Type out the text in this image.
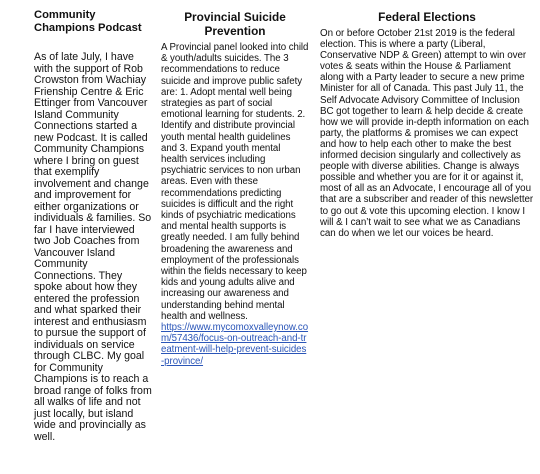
Community Champions Podcast

As of late July, I have with the support of Rob Crowston from Wachiay Frienship Centre & Eric Ettinger from Vancouver Island Community Connections started a new Podcast. It is called Community Champions where I bring on guest that exemplify involvement and change and improvement for either organizations or individuals & families. So far I have interviewed two Job Coaches from Vancouver Island Community Connections. They spoke about how they entered the profession and what sparked their interest and enthusiasm to pursue the support of individuals on service through CLBC. My goal for Community Champions is to reach a broad range of folks from all walks of life and not just locally, but island wide and provincially as well.

Provincial Suicide Prevention

A Provincial panel looked into child & youth/adults suicides. The 3 recommendations to reduce suicide and improve public safety are: 1. Adopt mental well being strategies as part of social emotional learning for students. 2. Identify and distribute provincial youth mental health guidelines and 3. Expand youth mental health services including psychiatric services to non urban areas. Even with these recommendations predicting suicides is difficult and the right kinds of psychiatric medications and mental health supports is greatly needed. I am fully behind broadening the awareness and employment of the professionals within the fields necessary to keep kids and young adults alive and increasing our awareness and understanding behind mental health and wellness.

https://www.mycomoxvalleynow.com/57436/focus-on-outreach-and-treatment-will-help-prevent-suicides-province/
Federal Elections

On or before October 21st 2019 is the federal election. This is where a party (Liberal, Conservative NDP & Green) attempt to win over votes & seats within the House & Parliament along with a Party leader to secure a new prime Minister for all of Canada. This past July 11, the Self Advocate Advisory Committee of Inclusion BC got together to learn & help decide & create how we will provide in-depth information on each party, the platforms & promises we can expect and how to help each other to make the best informed decision singularly and collectively as people with diverse abilities. Change is always possible and whether you are for it or against it, most of all as an Advocate, I encourage all of you that are a subscriber and reader of this newsletter to go out & vote this upcoming election. I know I will & I can’t wait to see what we as Canadians can do when we let our voices be heard.
